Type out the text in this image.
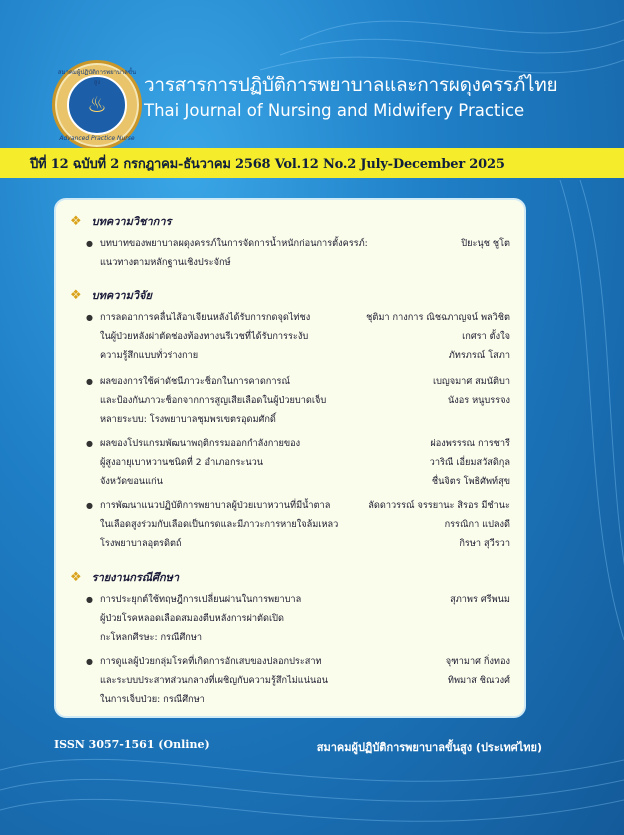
สมาคมผู้ปฏิบัติการพยาบาลขั้นสูง
♨
Advanced Practice Nurse
วารสารการปฏิบัติการพยาบาลและการผดุงครรภ์ไทย
Thai Journal of Nursing and Midwifery Practice
ปีที่ 12 ฉบับที่ 2 กรกฎาคม-ธันวาคม 2568 Vol.12 No.2 July-December 2025
❖ บทความวิชาการ
● บทบาทของพยาบาลผดุงครรภ์ในการจัดการน้ำหนักก่อนการตั้งครรภ์:
แนวทางตามหลักฐานเชิงประจักษ์
ปิยะนุช ชูโต
❖ บทความวิจัย
● การลดอาการคลื่นไส้อาเจียนหลังได้รับการกดจุดไท่ชง
ในผู้ป่วยหลังผ่าตัดช่องท้องทางนรีเวชที่ได้รับการระงับ
ความรู้สึกแบบทั่วร่างกาย
ชุติมา กางการ ณิชฉภาญจน์ พลวิชิต
เกศรา ตั้งใจ
ภัทรภรณ์ โสภา
● ผลของการใช้ค่าดัชนีภาวะช็อกในการคาดการณ์
และป้องกันภาวะช็อกจากการสูญเสียเลือดในผู้ป่วยบาดเจ็บ
หลายระบบ: โรงพยาบาลชุมพรเขตรอุดมศักดิ์
เบญจมาศ สมนัติบา
นังอร หนูบรรจง
● ผลของโปรแกรมพัฒนาพฤติกรรมออกกำลังกายของ
ผู้สูงอายุเบาหวานชนิดที่ 2 อำเภอกระนวน
จังหวัดขอนแก่น
ผ่องพรรรณ การชารี
วาริณี เอี่ยมสวัสดิกุล
ชื่นจิตร โพธิศัพท์สุข
● การพัฒนาแนวปฏิบัติการพยาบาลผู้ป่วยเบาหวานที่มีน้ำตาล
ในเลือดสูงร่วมกับเลือดเป็นกรดและมีภาวะการหายใจล้มเหลว
โรงพยาบาลอุตรดิตถ์
ลัดดาวรรณ์ จรรยานะ สิรอร มีชำนะ
กรรณิกา แปลงดี
กิรษา สุวีรวา
❖ รายงานกรณีศึกษา
● การประยุกต์ใช้ทฤษฎีการเปลี่ยนผ่านในการพยาบาล
ผู้ป่วยโรคหลอดเลือดสมองตีบหลังการผ่าตัดเปิด
กะโหลกศีรษะ: กรณีศึกษา
สุภาพร ศรีพนม
● การดูแลผู้ป่วยกลุ่มโรคที่เกิดการอักเสบของปลอกประสาท
และระบบประสาทส่วนกลางที่เผชิญกับความรู้สึกไม่แน่นอน
ในการเจ็บป่วย: กรณีศึกษา
จุฑามาศ กิ่งทอง
ทิพมาส ชิณวงศ์
ISSN 3057-1561 (Online)	สมาคมผู้ปฏิบัติการพยาบาลขั้นสูง (ประเทศไทย)
